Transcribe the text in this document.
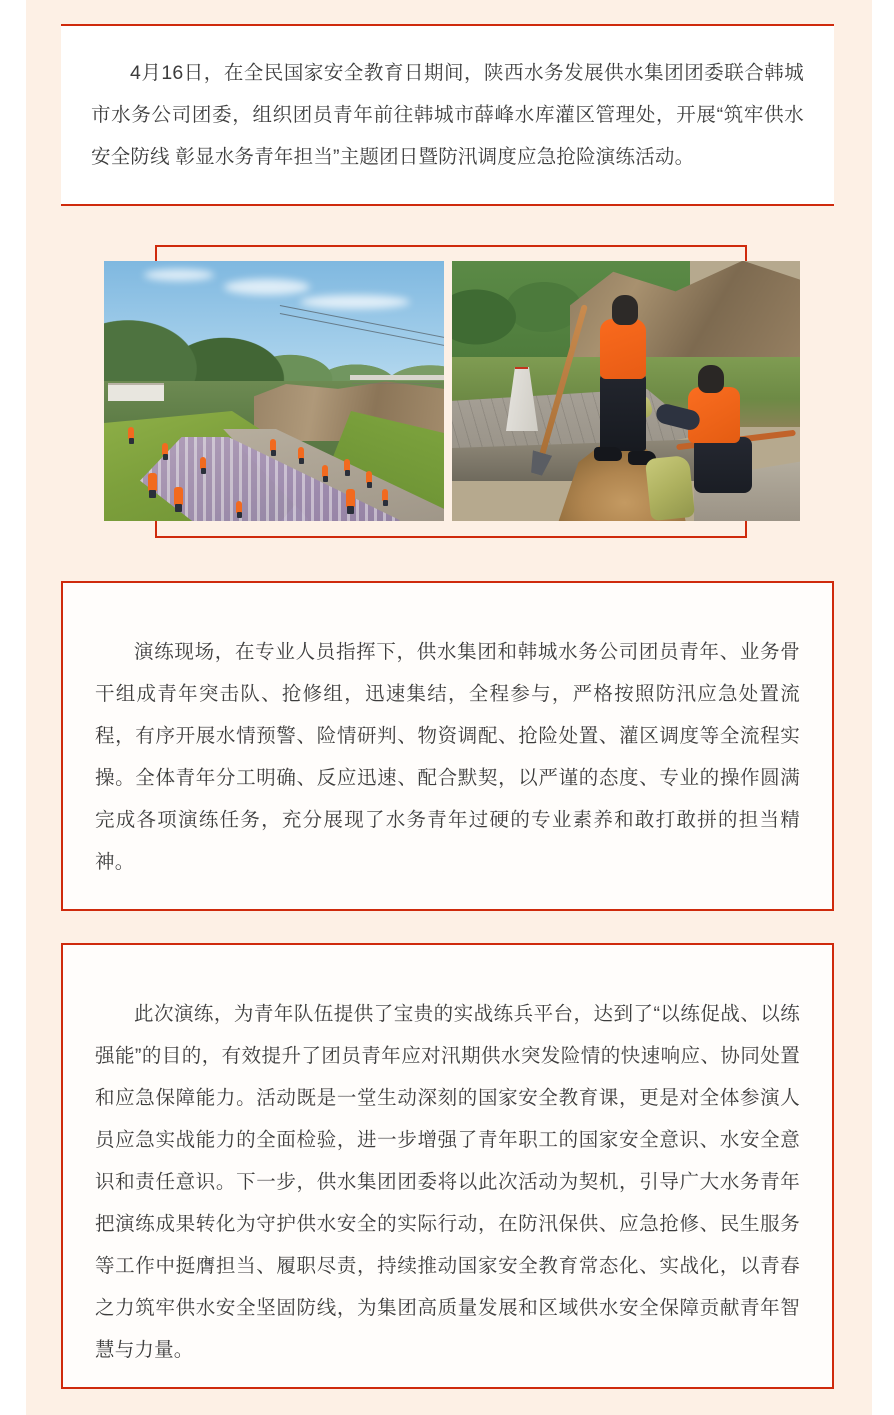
4月16日，在全民国家安全教育日期间，陕西水务发展供水集团团委联合韩城市水务公司团委，组织团员青年前往韩城市薛峰水库灌区管理处，开展“筑牢供水安全防线 彰显水务青年担当”主题团日暨防汛调度应急抢险演练活动。

演练现场，在专业人员指挥下，供水集团和韩城水务公司团员青年、业务骨干组成青年突击队、抢修组，迅速集结，全程参与，严格按照防汛应急处置流程，有序开展水情预警、险情研判、物资调配、抢险处置、灌区调度等全流程实操。全体青年分工明确、反应迅速、配合默契，以严谨的态度、专业的操作圆满完成各项演练任务，充分展现了水务青年过硬的专业素养和敢打敢拼的担当精神。

此次演练，为青年队伍提供了宝贵的实战练兵平台，达到了“以练促战、以练强能”的目的，有效提升了团员青年应对汛期供水突发险情的快速响应、协同处置和应急保障能力。活动既是一堂生动深刻的国家安全教育课，更是对全体参演人员应急实战能力的全面检验，进一步增强了青年职工的国家安全意识、水安全意识和责任意识。下一步，供水集团团委将以此次活动为契机，引导广大水务青年把演练成果转化为守护供水安全的实际行动，在防汛保供、应急抢修、民生服务等工作中挺膺担当、履职尽责，持续推动国家安全教育常态化、实战化，以青春之力筑牢供水安全坚固防线，为集团高质量发展和区域供水安全保障贡献青年智慧与力量。
